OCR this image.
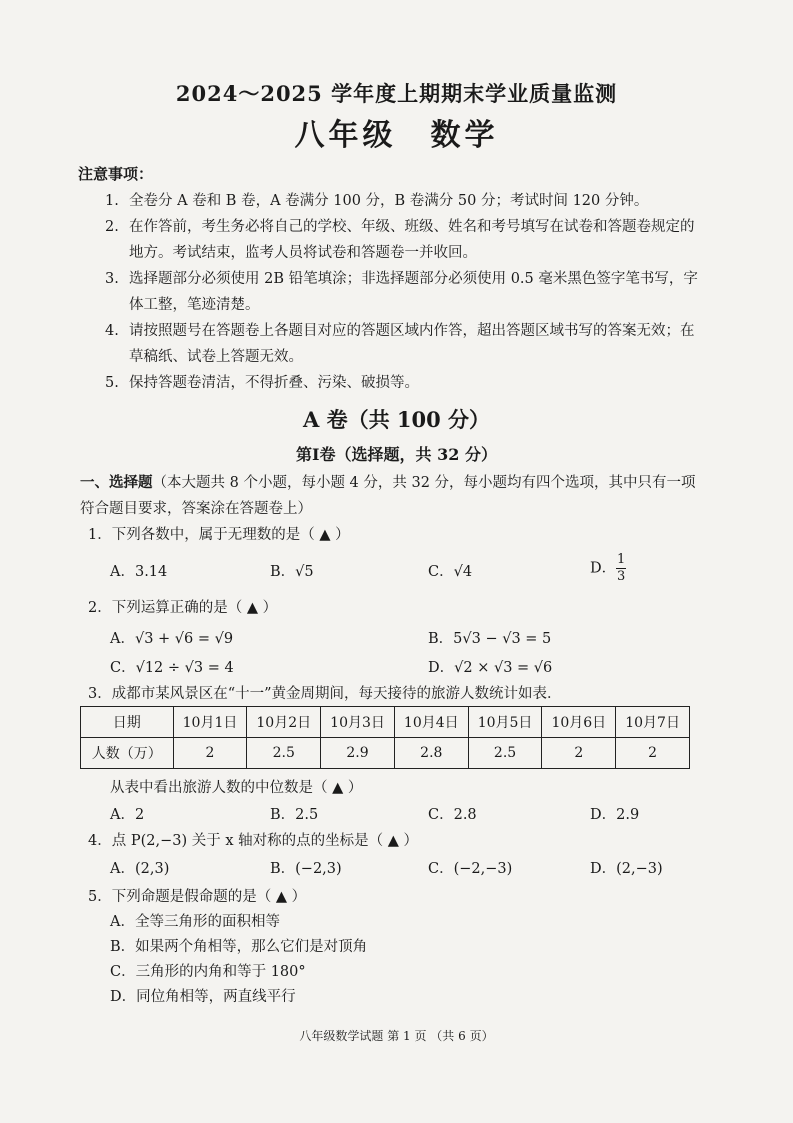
2024～2025 学年度上期期末学业质量监测
八年级　数学
注意事项：
1. 全卷分 A 卷和 B 卷，A 卷满分 100 分，B 卷满分 50 分；考试时间 120 分钟。
2. 在作答前，考生务必将自己的学校、年级、班级、姓名和考号填写在试卷和答题卷规定的地方。考试结束，监考人员将试卷和答题卷一并收回。
3. 选择题部分必须使用 2B 铅笔填涂；非选择题部分必须使用 0.5 毫米黑色签字笔书写，字体工整，笔迹清楚。
4. 请按照题号在答题卷上各题目对应的答题区域内作答，超出答题区域书写的答案无效；在草稿纸、试卷上答题无效。
5. 保持答题卷清洁，不得折叠、污染、破损等。
A 卷（共 100 分）
第Ⅰ卷（选择题，共 32 分）
一、选择题（本大题共 8 个小题，每小题 4 分，共 32 分，每小题均有四个选项，其中只有一项符合题目要求，答案涂在答题卷上）
1．下列各数中，属于无理数的是（ ▲ ）
A．3.14	B．√5	C．√4	D． $\frac{1}{3}$
2．下列运算正确的是（ ▲ ）
A．√3 + √6 = √9	B．5√3 − √3 = 5
C．√12 ÷ √3 = 4	D．√2 × √3 = √6
3．成都市某风景区在“十一”黄金周期间，每天接待的旅游人数统计如表．
日期	10月1日	10月2日	10月3日	10月4日	10月5日	10月6日	10月7日
人数（万）	2	2.5	2.9	2.8	2.5	2	2
从表中看出旅游人数的中位数是（ ▲ ）
A．2	B．2.5	C．2.8	D．2.9
4．点 P(2,−3) 关于 x 轴对称的点的坐标是（ ▲ ）
A．(2,3)	B．(−2,3)	C．(−2,−3)	D．(2,−3)
5．下列命题是假命题的是（ ▲ ）
A．全等三角形的面积相等
B．如果两个角相等，那么它们是对顶角
C．三角形的内角和等于 180°
D．同位角相等，两直线平行
八年级数学试题 第 1 页 （共 6 页）
